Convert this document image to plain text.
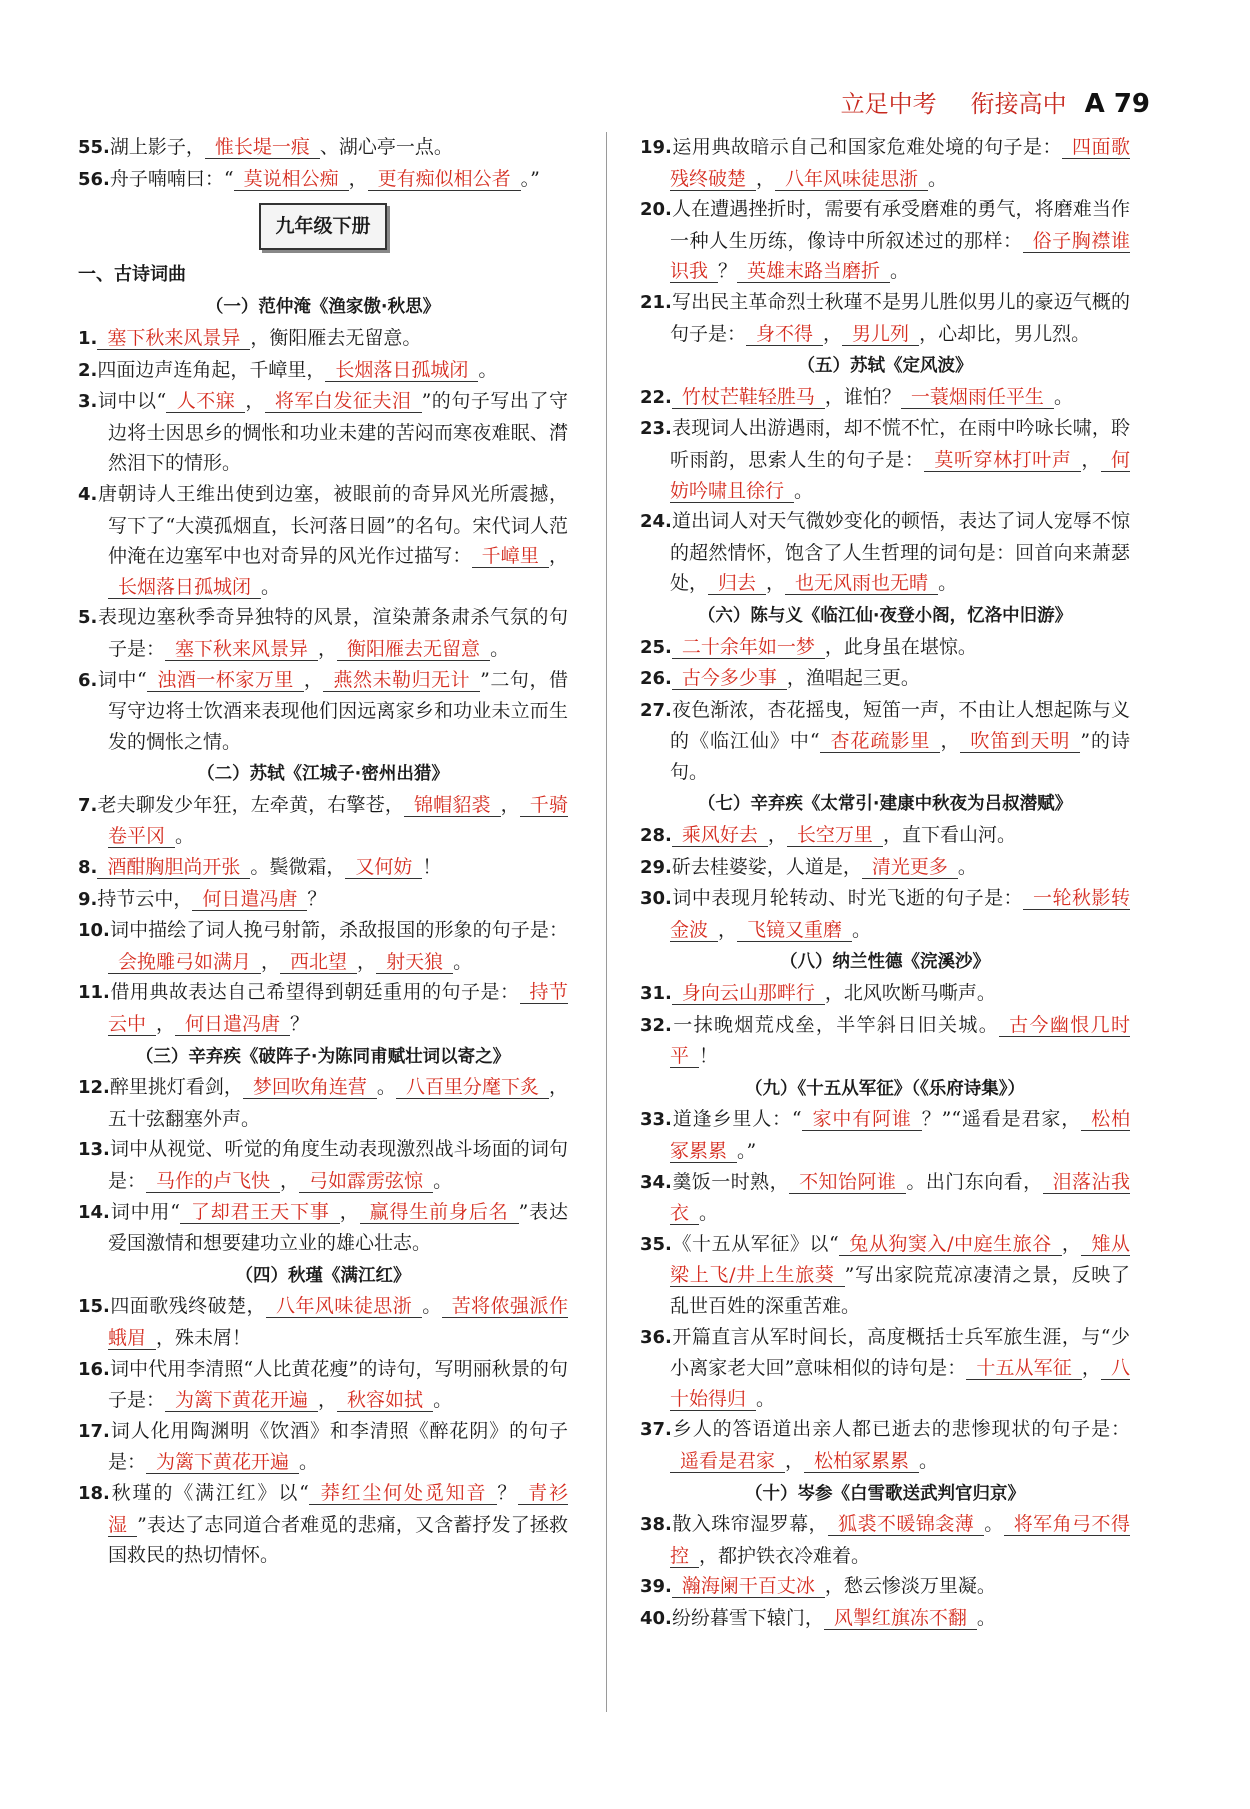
立足中考 衔接高中 A 79

55.湖上影子， 惟长堤一痕 、湖心亭一点。

56.舟子喃喃曰：“ 莫说相公痴 ， 更有痴似相公者 。”

九年级下册

一、古诗词曲

（一）范仲淹《渔家傲·秋思》

1. 塞下秋来风景异 ，衡阳雁去无留意。

2.四面边声连角起，千嶂里， 长烟落日孤城闭 。

3.词中以“ 人不寐 ， 将军白发征夫泪 ”的句子写出了守边将士因思乡的惆怅和功业未建的苦闷而寒夜难眠、潸然泪下的情形。

4.唐朝诗人王维出使到边塞，被眼前的奇异风光所震撼，写下了“大漠孤烟直，长河落日圆”的名句。宋代词人范仲淹在边塞军中也对奇异的风光作过描写： 千嶂里 ，长烟落日孤城闭 。

5.表现边塞秋季奇异独特的风景，渲染萧条肃杀气氛的句子是： 塞下秋来风景异 ， 衡阳雁去无留意 。

6.词中“ 浊酒一杯家万里 ， 燕然未勒归无计 ”二句，借写守边将士饮酒来表现他们因远离家乡和功业未立而生发的惆怅之情。

（二）苏轼《江城子·密州出猎》

7.老夫聊发少年狂，左牵黄，右擎苍， 锦帽貂裘 ， 千骑卷平冈 。

8. 酒酣胸胆尚开张 。鬓微霜， 又何妨 ！

9.持节云中， 何日遣冯唐 ？

10.词中描绘了词人挽弓射箭，杀敌报国的形象的句子是：会挽雕弓如满月 ， 西北望 ， 射天狼 。

11.借用典故表达自己希望得到朝廷重用的句子是： 持节云中 ， 何日遣冯唐 ？

（三）辛弃疾《破阵子·为陈同甫赋壮词以寄之》

12.醉里挑灯看剑， 梦回吹角连营 。 八百里分麾下炙 ，五十弦翻塞外声。

13.词中从视觉、听觉的角度生动表现激烈战斗场面的词句是： 马作的卢飞快 ， 弓如霹雳弦惊 。

14.词中用“ 了却君王天下事 ， 赢得生前身后名 ”表达爱国激情和想要建功立业的雄心壮志。

（四）秋瑾《满江红》

15.四面歌残终破楚， 八年风味徒思浙 。 苦将侬强派作蛾眉 ，殊未屑！

16.词中代用李清照“人比黄花瘦”的诗句，写明丽秋景的句子是： 为篱下黄花开遍 ， 秋容如拭 。

17.词人化用陶渊明《饮酒》和李清照《醉花阴》的句子是： 为篱下黄花开遍 。

18.秋瑾的《满江红》以“ 莽红尘何处觅知音 ？ 青衫湿 ”表达了志同道合者难觅的悲痛，又含蓄抒发了拯救国救民的热切情怀。

19.运用典故暗示自己和国家危难处境的句子是： 四面歌残终破楚 ， 八年风味徒思浙 。

20.人在遭遇挫折时，需要有承受磨难的勇气，将磨难当作一种人生历练，像诗中所叙述过的那样： 俗子胸襟谁识我 ？ 英雄末路当磨折 。

21.写出民主革命烈士秋瑾不是男儿胜似男儿的豪迈气概的句子是： 身不得 ， 男儿列 ，心却比，男儿烈。

（五）苏轼《定风波》

22. 竹杖芒鞋轻胜马 ，谁怕？ 一蓑烟雨任平生 。

23.表现词人出游遇雨，却不慌不忙，在雨中吟咏长啸，聆听雨韵，思索人生的句子是： 莫听穿林打叶声 ， 何妨吟啸且徐行 。

24.道出词人对天气微妙变化的顿悟，表达了词人宠辱不惊的超然情怀，饱含了人生哲理的词句是：回首向来萧瑟处， 归去 ， 也无风雨也无晴 。

（六）陈与义《临江仙·夜登小阁，忆洛中旧游》

25. 二十余年如一梦 ，此身虽在堪惊。

26. 古今多少事 ，渔唱起三更。

27.夜色渐浓，杏花摇曳，短笛一声，不由让人想起陈与义的《临江仙》中“ 杏花疏影里 ， 吹笛到天明 ”的诗句。

（七）辛弃疾《太常引·建康中秋夜为吕叔潜赋》

28. 乘风好去 ， 长空万里 ，直下看山河。

29.斫去桂婆娑，人道是， 清光更多 。

30.词中表现月轮转动、时光飞逝的句子是： 一轮秋影转金波 ， 飞镜又重磨 。

（八）纳兰性德《浣溪沙》

31. 身向云山那畔行 ，北风吹断马嘶声。

32.一抹晚烟荒戍垒，半竿斜日旧关城。 古今幽恨几时平 ！

（九）《十五从军征》（《乐府诗集》）

33.道逢乡里人：“ 家中有阿谁 ？”“遥看是君家， 松柏冢累累 。”

34.羹饭一时熟， 不知饴阿谁 。出门东向看， 泪落沾我衣 。

35.《十五从军征》以“ 兔从狗窦入/中庭生旅谷 ， 雉从梁上飞/井上生旅葵 ”写出家院荒凉凄清之景，反映了乱世百姓的深重苦难。

36.开篇直言从军时间长，高度概括士兵军旅生涯，与“少小离家老大回”意味相似的诗句是： 十五从军征 ， 八十始得归 。

37.乡人的答语道出亲人都已逝去的悲惨现状的句子是：遥看是君家 ， 松柏冢累累 。

（十）岑参《白雪歌送武判官归京》

38.散入珠帘湿罗幕， 狐裘不暖锦衾薄 。 将军角弓不得控 ，都护铁衣冷难着。

39. 瀚海阑干百丈冰 ，愁云惨淡万里凝。

40.纷纷暮雪下辕门， 风掣红旗冻不翻 。
